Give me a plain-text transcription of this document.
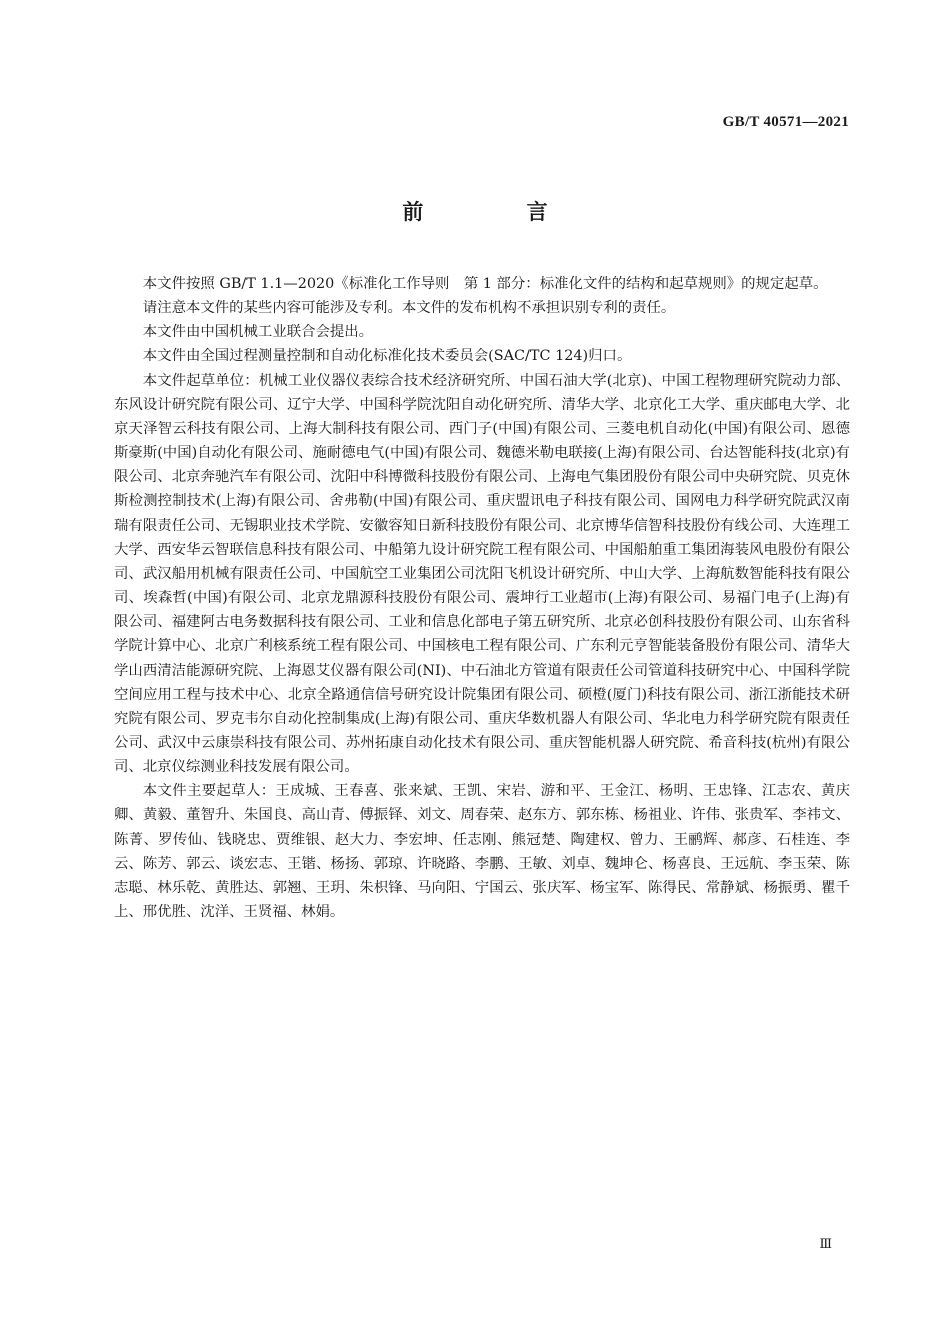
GB/T 40571—2021
前 言

本文件按照 GB/T 1.1—2020《标准化工作导则　第 1 部分：标准化文件的结构和起草规则》的规定起草。

请注意本文件的某些内容可能涉及专利。本文件的发布机构不承担识别专利的责任。

本文件由中国机械工业联合会提出。

本文件由全国过程测量控制和自动化标准化技术委员会(SAC/TC 124)归口。

本文件起草单位：机械工业仪器仪表综合技术经济研究所、中国石油大学(北京)、中国工程物理研究院动力部、东风设计研究院有限公司、辽宁大学、中国科学院沈阳自动化研究所、清华大学、北京化工大学、重庆邮电大学、北京天泽智云科技有限公司、上海大制科技有限公司、西门子(中国)有限公司、三菱电机自动化(中国)有限公司、恩德斯豪斯(中国)自动化有限公司、施耐德电气(中国)有限公司、魏德米勒电联接(上海)有限公司、台达智能科技(北京)有限公司、北京奔驰汽车有限公司、沈阳中科博微科技股份有限公司、上海电气集团股份有限公司中央研究院、贝克休斯检测控制技术(上海)有限公司、舍弗勒(中国)有限公司、重庆盟讯电子科技有限公司、国网电力科学研究院武汉南瑞有限责任公司、无锡职业技术学院、安徽容知日新科技股份有限公司、北京博华信智科技股份有线公司、大连理工大学、西安华云智联信息科技有限公司、中船第九设计研究院工程有限公司、中国船舶重工集团海装风电股份有限公司、武汉船用机械有限责任公司、中国航空工业集团公司沈阳飞机设计研究所、中山大学、上海航数智能科技有限公司、埃森哲(中国)有限公司、北京龙鼎源科技股份有限公司、震坤行工业超市(上海)有限公司、易福门电子(上海)有限公司、福建阿古电务数据科技有限公司、工业和信息化部电子第五研究所、北京必创科技股份有限公司、山东省科学院计算中心、北京广利核系统工程有限公司、中国核电工程有限公司、广东利元亨智能装备股份有限公司、清华大学山西清洁能源研究院、上海恩艾仪器有限公司(NI)、中石油北方管道有限责任公司管道科技研究中心、中国科学院空间应用工程与技术中心、北京全路通信信号研究设计院集团有限公司、硕橙(厦门)科技有限公司、浙江浙能技术研究院有限公司、罗克韦尔自动化控制集成(上海)有限公司、重庆华数机器人有限公司、华北电力科学研究院有限责任公司、武汉中云康崇科技有限公司、苏州拓康自动化技术有限公司、重庆智能机器人研究院、希音科技(杭州)有限公司、北京仪综测业科技发展有限公司。

本文件主要起草人：王成城、王春喜、张来斌、王凯、宋岩、游和平、王金江、杨明、王忠锋、江志农、黄庆卿、黄毅、董智升、朱国良、高山青、傅振铎、刘文、周春荣、赵东方、郭东栋、杨祖业、许伟、张贵军、李祎文、陈菁、罗传仙、钱晓忠、贾维银、赵大力、李宏坤、任志刚、熊冠楚、陶建权、曾力、王鹂辉、郝彦、石桂连、李云、陈芳、郭云、谈宏志、王锴、杨扬、郭琼、许晓路、李鹏、王敏、刘卓、魏坤仑、杨喜良、王远航、李玉荣、陈志聪、林乐乾、黄胜达、郭翘、王玥、朱枳锋、马向阳、宁国云、张庆军、杨宝军、陈得民、常静斌、杨振勇、瞿千上、邢优胜、沈洋、王贤福、林娟。

Ⅲ
